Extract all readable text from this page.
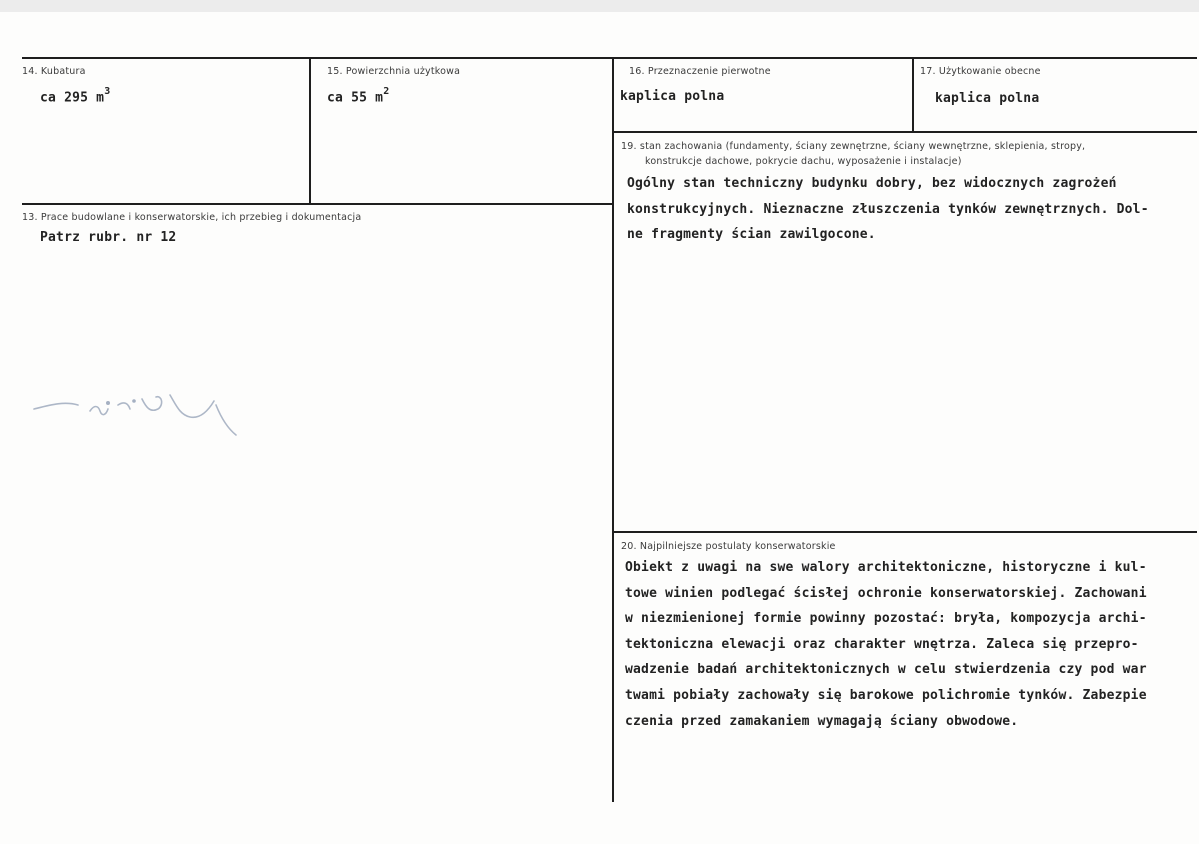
14. Kubatura
ca 295 $m^3$
15. Powierzchnia użytkowa
ca 55 $m^2$
16. Przeznaczenie pierwotne
kaplica polna
17. Użytkowanie obecne
kaplica polna
13. Prace budowlane i konserwatorskie, ich przebieg i dokumentacja
Patrz rubr. nr 12
19. stan zachowania (fundamenty, ściany zewnętrzne, ściany wewnętrzne, sklepienia, stropy,
konstrukcje dachowe, pokrycie dachu, wyposażenie i instalacje)
Ogólny stan techniczny budynku dobry, bez widocznych zagrożeń
konstrukcyjnych. Nieznaczne złuszczenia tynków zewnętrznych. Dol-
ne fragmenty ścian zawilgocone.
20. Najpilniejsze postulaty konserwatorskie
Obiekt z uwagi na swe walory architektoniczne, historyczne i kul-
towe winien podlegać ścisłej ochronie konserwatorskiej. Zachowani
w niezmienionej formie powinny pozostać: bryła, kompozycja archi-
tektoniczna elewacji oraz charakter wnętrza. Zaleca się przepro-
wadzenie badań architektonicznych w celu stwierdzenia czy pod war
twami pobiały zachowały się barokowe polichromie tynków. Zabezpie
czenia przed zamakaniem wymagają ściany obwodowe.
